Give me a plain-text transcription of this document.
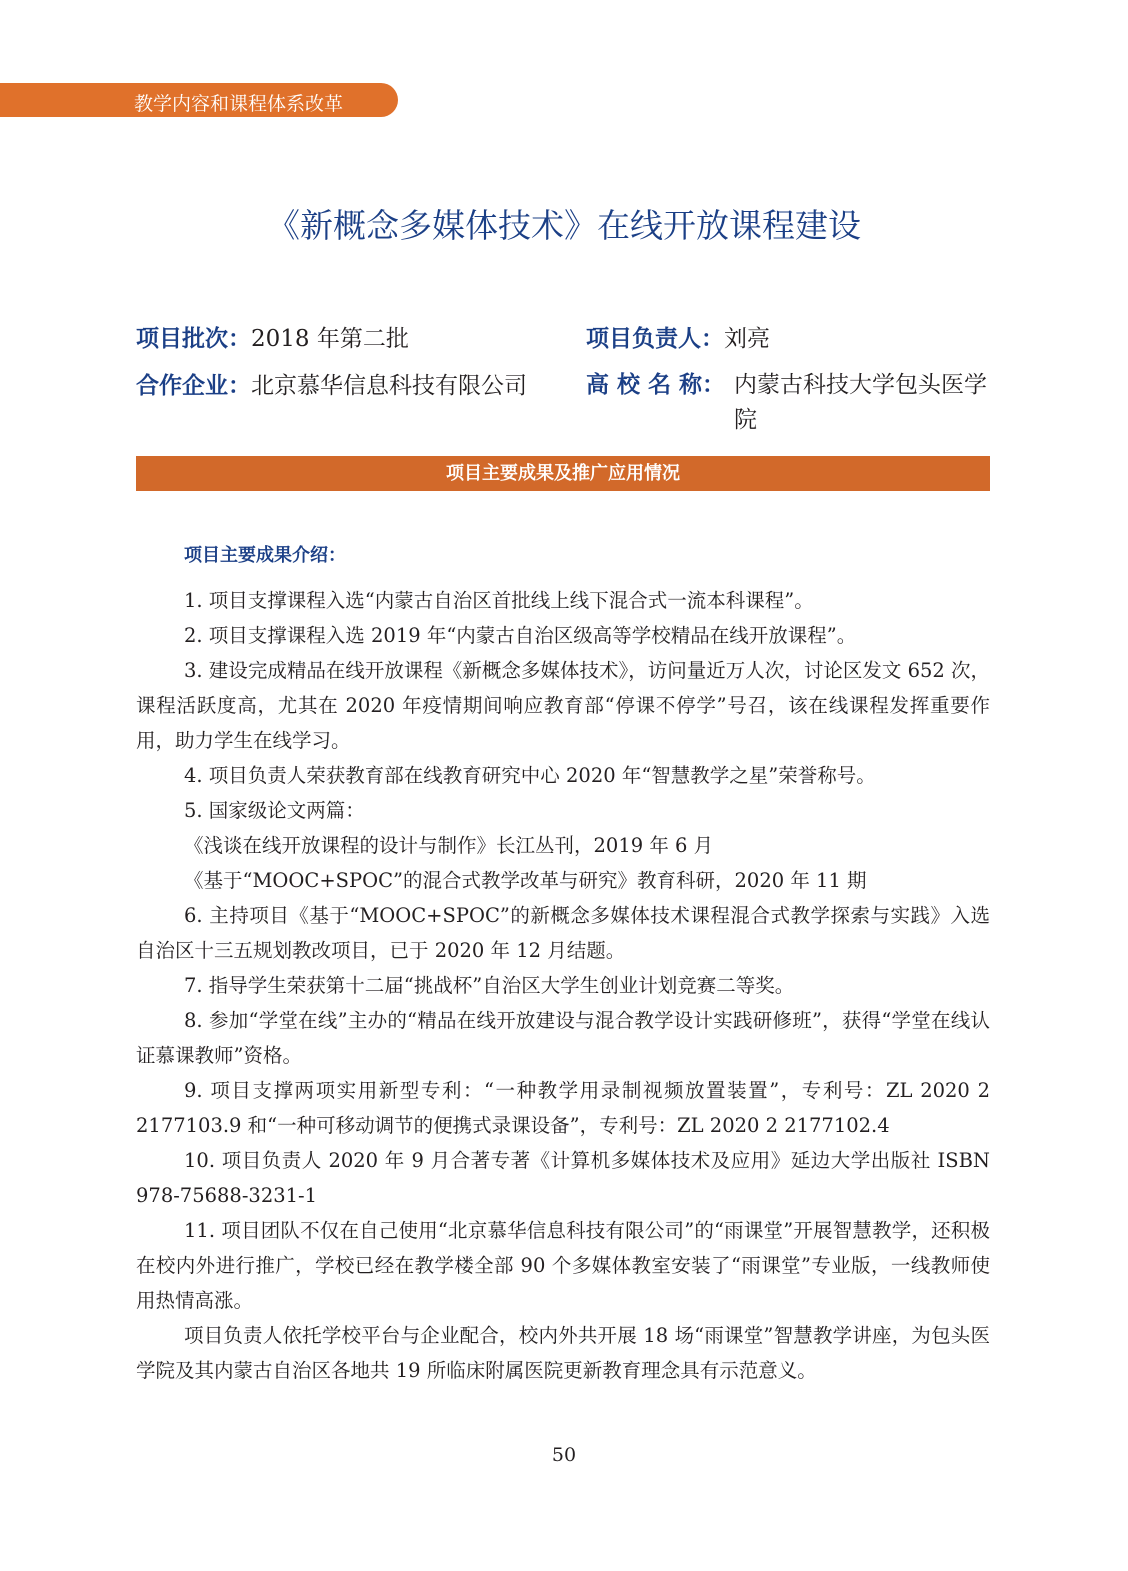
教学内容和课程体系改革
《新概念多媒体技术》在线开放课程建设
项目批次：2018 年第二批	项目负责人：刘亮
合作企业：北京慕华信息科技有限公司	高 校 名 称： 内蒙古科技大学包头医学院
项目主要成果及推广应用情况
项目主要成果介绍：

1. 项目支撑课程入选“内蒙古自治区首批线上线下混合式一流本科课程”。

2. 项目支撑课程入选 2019 年“内蒙古自治区级高等学校精品在线开放课程”。

3. 建设完成精品在线开放课程《新概念多媒体技术》，访问量近万人次，讨论区发文 652 次，课程活跃度高，尤其在 2020 年疫情期间响应教育部“停课不停学”号召，该在线课程发挥重要作用，助力学生在线学习。

4. 项目负责人荣获教育部在线教育研究中心 2020 年“智慧教学之星”荣誉称号。

5. 国家级论文两篇：

《浅谈在线开放课程的设计与制作》长江丛刊，2019 年 6 月

《基于“MOOC+SPOC”的混合式教学改革与研究》教育科研，2020 年 11 期

6. 主持项目《基于“MOOC+SPOC”的新概念多媒体技术课程混合式教学探索与实践》入选自治区十三五规划教改项目，已于 2020 年 12 月结题。

7. 指导学生荣获第十二届“挑战杯”自治区大学生创业计划竞赛二等奖。

8. 参加“学堂在线”主办的“精品在线开放建设与混合教学设计实践研修班”，获得“学堂在线认证慕课教师”资格。

9. 项目支撑两项实用新型专利：“一种教学用录制视频放置装置”，专利号：ZL 2020 2 2177103.9 和“一种可移动调节的便携式录课设备”，专利号：ZL 2020 2 2177102.4

10. 项目负责人 2020 年 9 月合著专著《计算机多媒体技术及应用》延边大学出版社 ISBN 978-75688-3231-1

11. 项目团队不仅在自己使用“北京慕华信息科技有限公司”的“雨课堂”开展智慧教学，还积极在校内外进行推广，学校已经在教学楼全部 90 个多媒体教室安装了“雨课堂”专业版，一线教师使用热情高涨。

项目负责人依托学校平台与企业配合，校内外共开展 18 场“雨课堂”智慧教学讲座，为包头医学院及其内蒙古自治区各地共 19 所临床附属医院更新教育理念具有示范意义。

50
